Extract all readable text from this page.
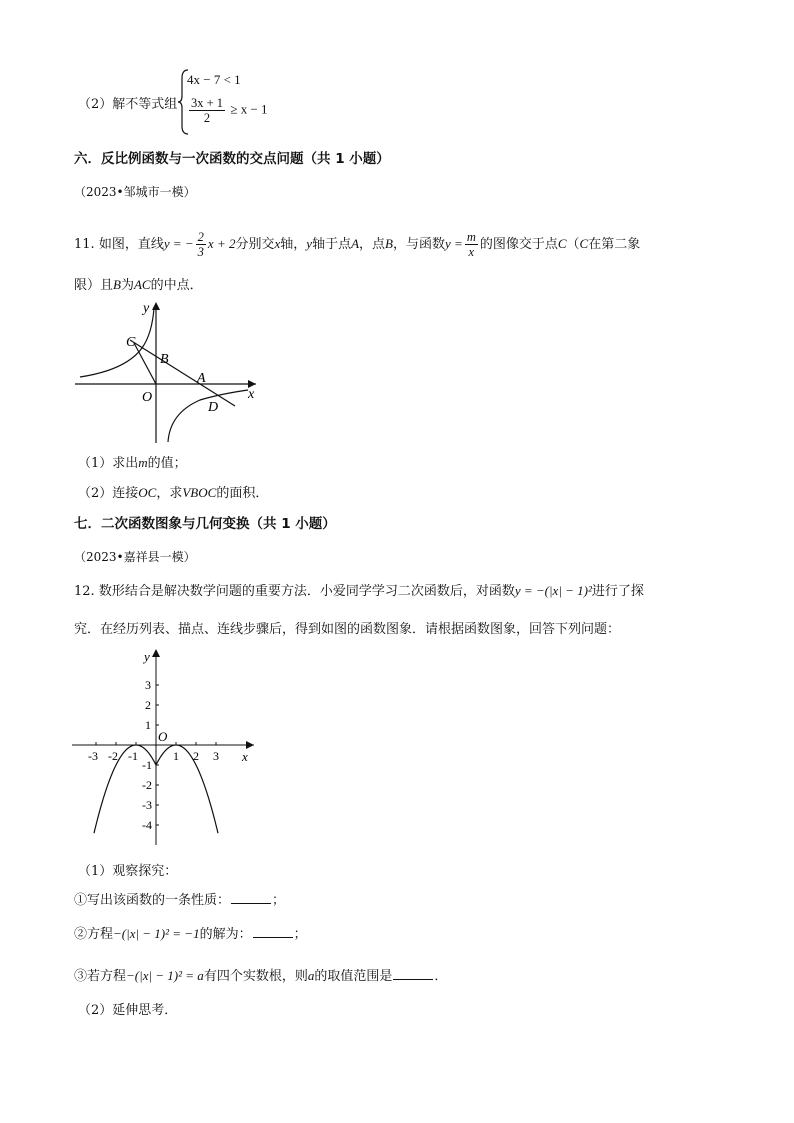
（2）解不等式组
4x − 7 < 1
$\frac{3x + 1}{2} \ge x - 1$
六．反比例函数与一次函数的交点问题（共 1 小题）
（2023•邹城市一模）
11. 如图，直线y = − $\frac{2}{3}$ x + 2分别交x轴，y轴于点A，点B，与函数$y = \frac{m}{x}$ 的图像交于点C（C在第二象
限）且B为AC的中点．
C
B
A
D
O	x
y
（1）求出m的值；
（2）连接OC，求VBOC的面积．
七．二次函数图象与几何变换（共 1 小题）
（2023•嘉祥县一模）
12. 数形结合是解决数学问题的重要方法．小爱同学学习二次函数后，对函数y = −(|x| − 1)²进行了探
究．在经历列表、描点、连线步骤后，得到如图的函数图象．请根据函数图象，回答下列问题：
y
x
O
-3 -2 -1	1 2 3
3
2
1
-1
-2
-3
-4
（1）观察探究：
①写出该函数的一条性质：	；
②方程−(|x| − 1)² = −1的解为：	；
③若方程−(|x| − 1)² = a有四个实数根，则a的取值范围是	．
（2）延伸思考．
